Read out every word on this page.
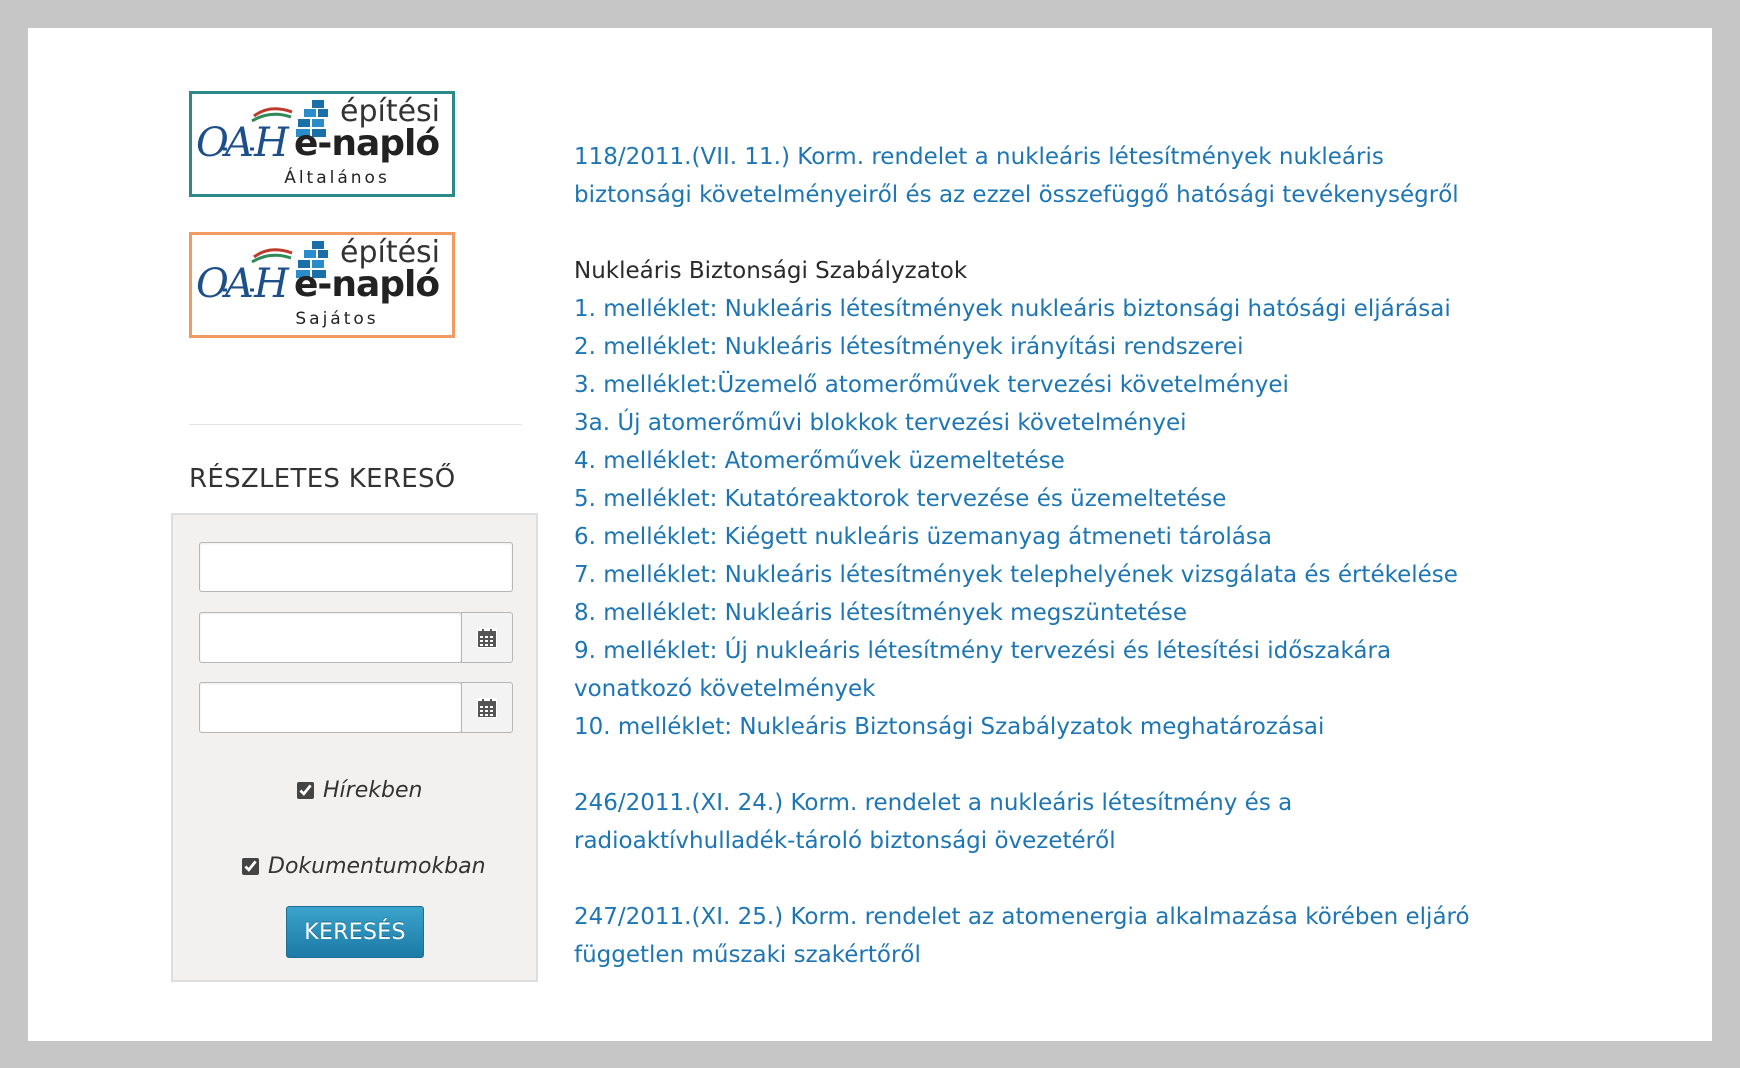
O
A H
építési
e-napló
Általános
O
A H
építési
e-napló
Sajátos
RÉSZLETES KERESŐ
Hírekben
Dokumentumokban
KERESÉS
118/2011.(VII. 11.) Korm. rendelet a nukleáris létesítmények nukleáris biztonsági követelményeiről és az ezzel összefüggő hatósági tevékenységről
Nukleáris Biztonsági Szabályzatok
1. melléklet: Nukleáris létesítmények nukleáris biztonsági hatósági eljárásai
2. melléklet: Nukleáris létesítmények irányítási rendszerei
3. melléklet:Üzemelő atomerőművek tervezési követelményei
3a. Új atomerőművi blokkok tervezési követelményei
4. melléklet: Atomerőművek üzemeltetése
5. melléklet: Kutatóreaktorok tervezése és üzemeltetése
6. melléklet: Kiégett nukleáris üzemanyag átmeneti tárolása
7. melléklet: Nukleáris létesítmények telephelyének vizsgálata és értékelése
8. melléklet: Nukleáris létesítmények megszüntetése
9. melléklet: Új nukleáris létesítmény tervezési és létesítési időszakára vonatkozó követelmények
10. melléklet: Nukleáris Biztonsági Szabályzatok meghatározásai
246/2011.(XI. 24.) Korm. rendelet a nukleáris létesítmény és a radioaktívhulladék-tároló biztonsági övezetéről
247/2011.(XI. 25.) Korm. rendelet az atomenergia alkalmazása körében eljáró független műszaki szakértőről
